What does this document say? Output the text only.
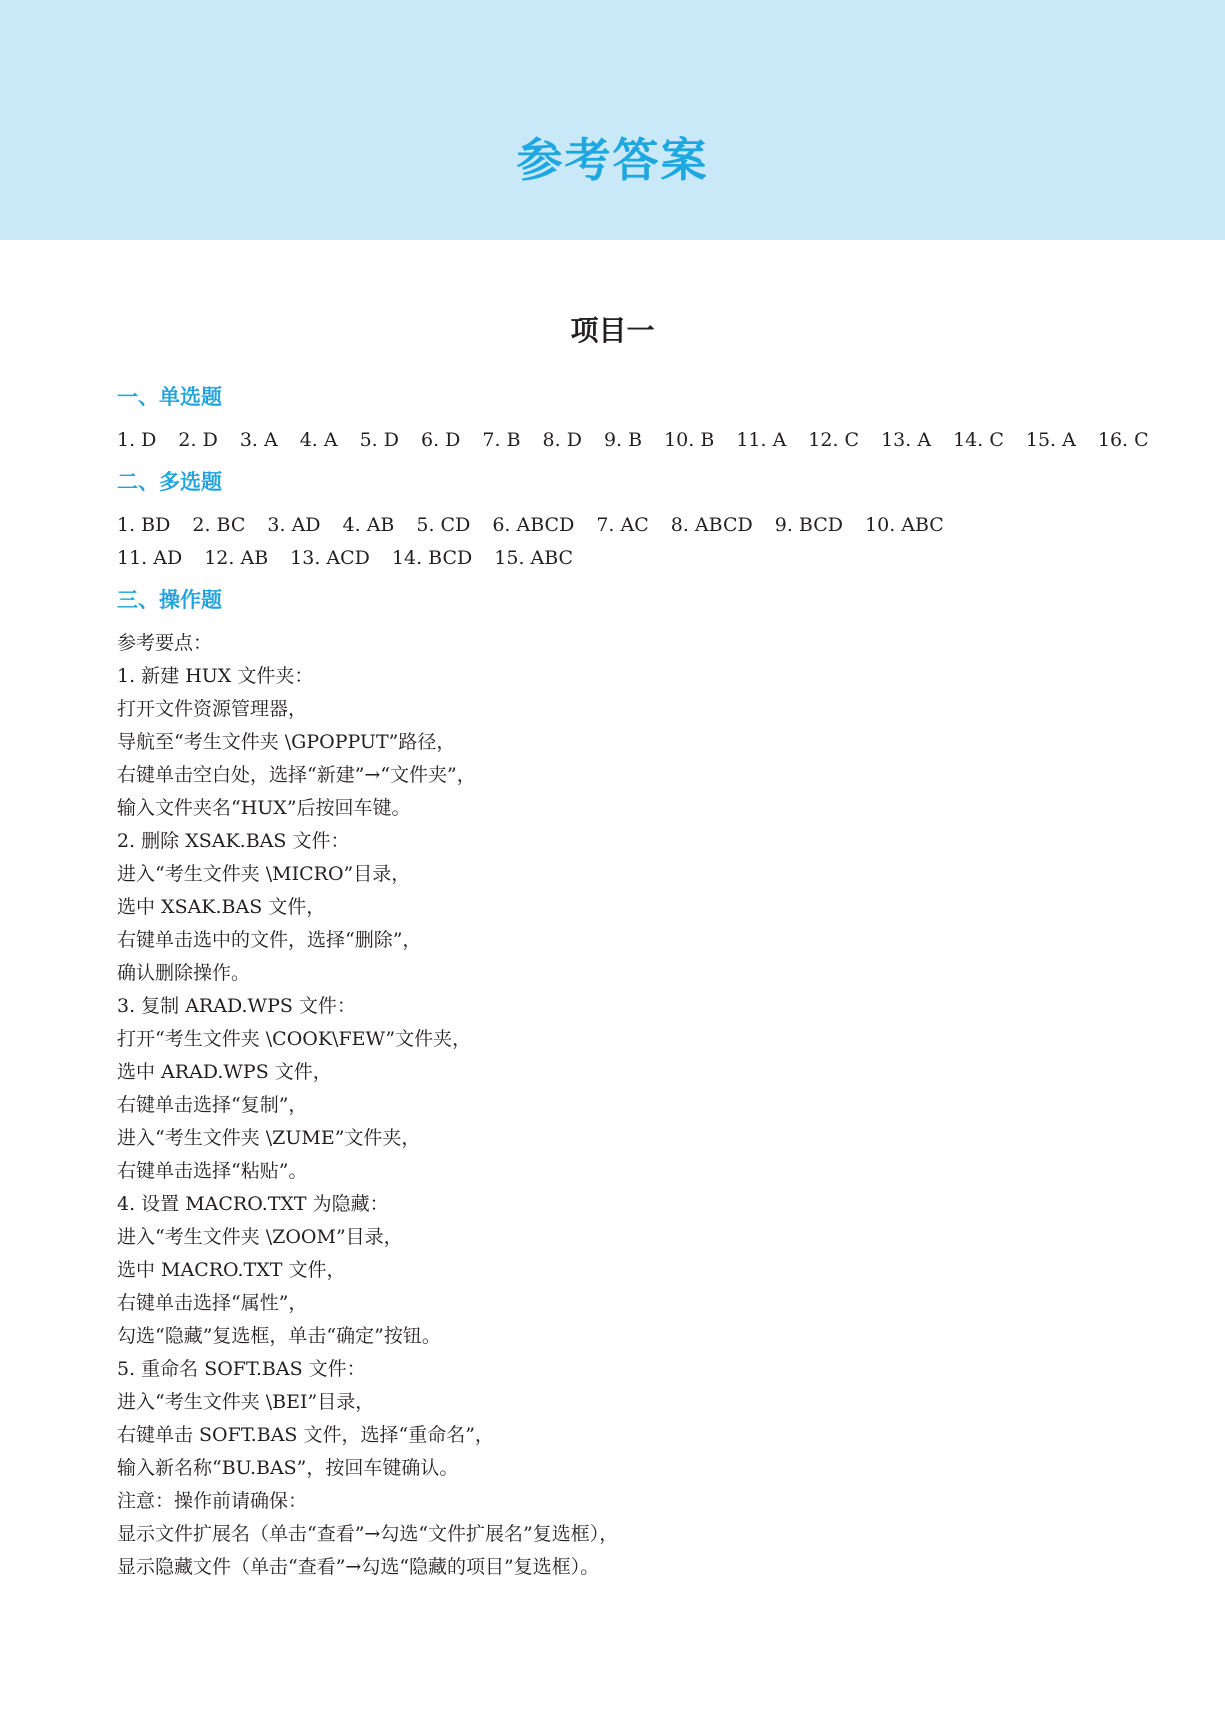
参考答案
项目一
一、单选题
1. D 2. D 3. A 4. A 5. D 6. D 7. B 8. D 9. B 10. B 11. A 12. C 13. A 14. C 15. A 16. C
二、多选题
1. BD 2. BC 3. AD 4. AB 5. CD 6. ABCD 7. AC 8. ABCD 9. BCD 10. ABC
11. AD 12. AB 13. ACD 14. BCD 15. ABC
三、操作题
参考要点：
1. 新建 HUX 文件夹：
打开文件资源管理器，
导航至“考生文件夹 \GPOPPUT”路径，
右键单击空白处，选择“新建”→“文件夹”，
输入文件夹名“HUX”后按回车键。
2. 删除 XSAK.BAS 文件：
进入“考生文件夹 \MICRO”目录，
选中 XSAK.BAS 文件，
右键单击选中的文件，选择“删除”，
确认删除操作。
3. 复制 ARAD.WPS 文件：
打开“考生文件夹 \COOK\FEW”文件夹，
选中 ARAD.WPS 文件，
右键单击选择“复制”，
进入“考生文件夹 \ZUME”文件夹，
右键单击选择“粘贴”。
4. 设置 MACRO.TXT 为隐藏：
进入“考生文件夹 \ZOOM”目录，
选中 MACRO.TXT 文件，
右键单击选择“属性”，
勾选“隐藏”复选框，单击“确定”按钮。
5. 重命名 SOFT.BAS 文件：
进入“考生文件夹 \BEI”目录，
右键单击 SOFT.BAS 文件，选择“重命名”，
输入新名称“BU.BAS”，按回车键确认。
注意：操作前请确保：
显示文件扩展名（单击“查看”→勾选“文件扩展名”复选框），
显示隐藏文件（单击“查看”→勾选“隐藏的项目”复选框）。
